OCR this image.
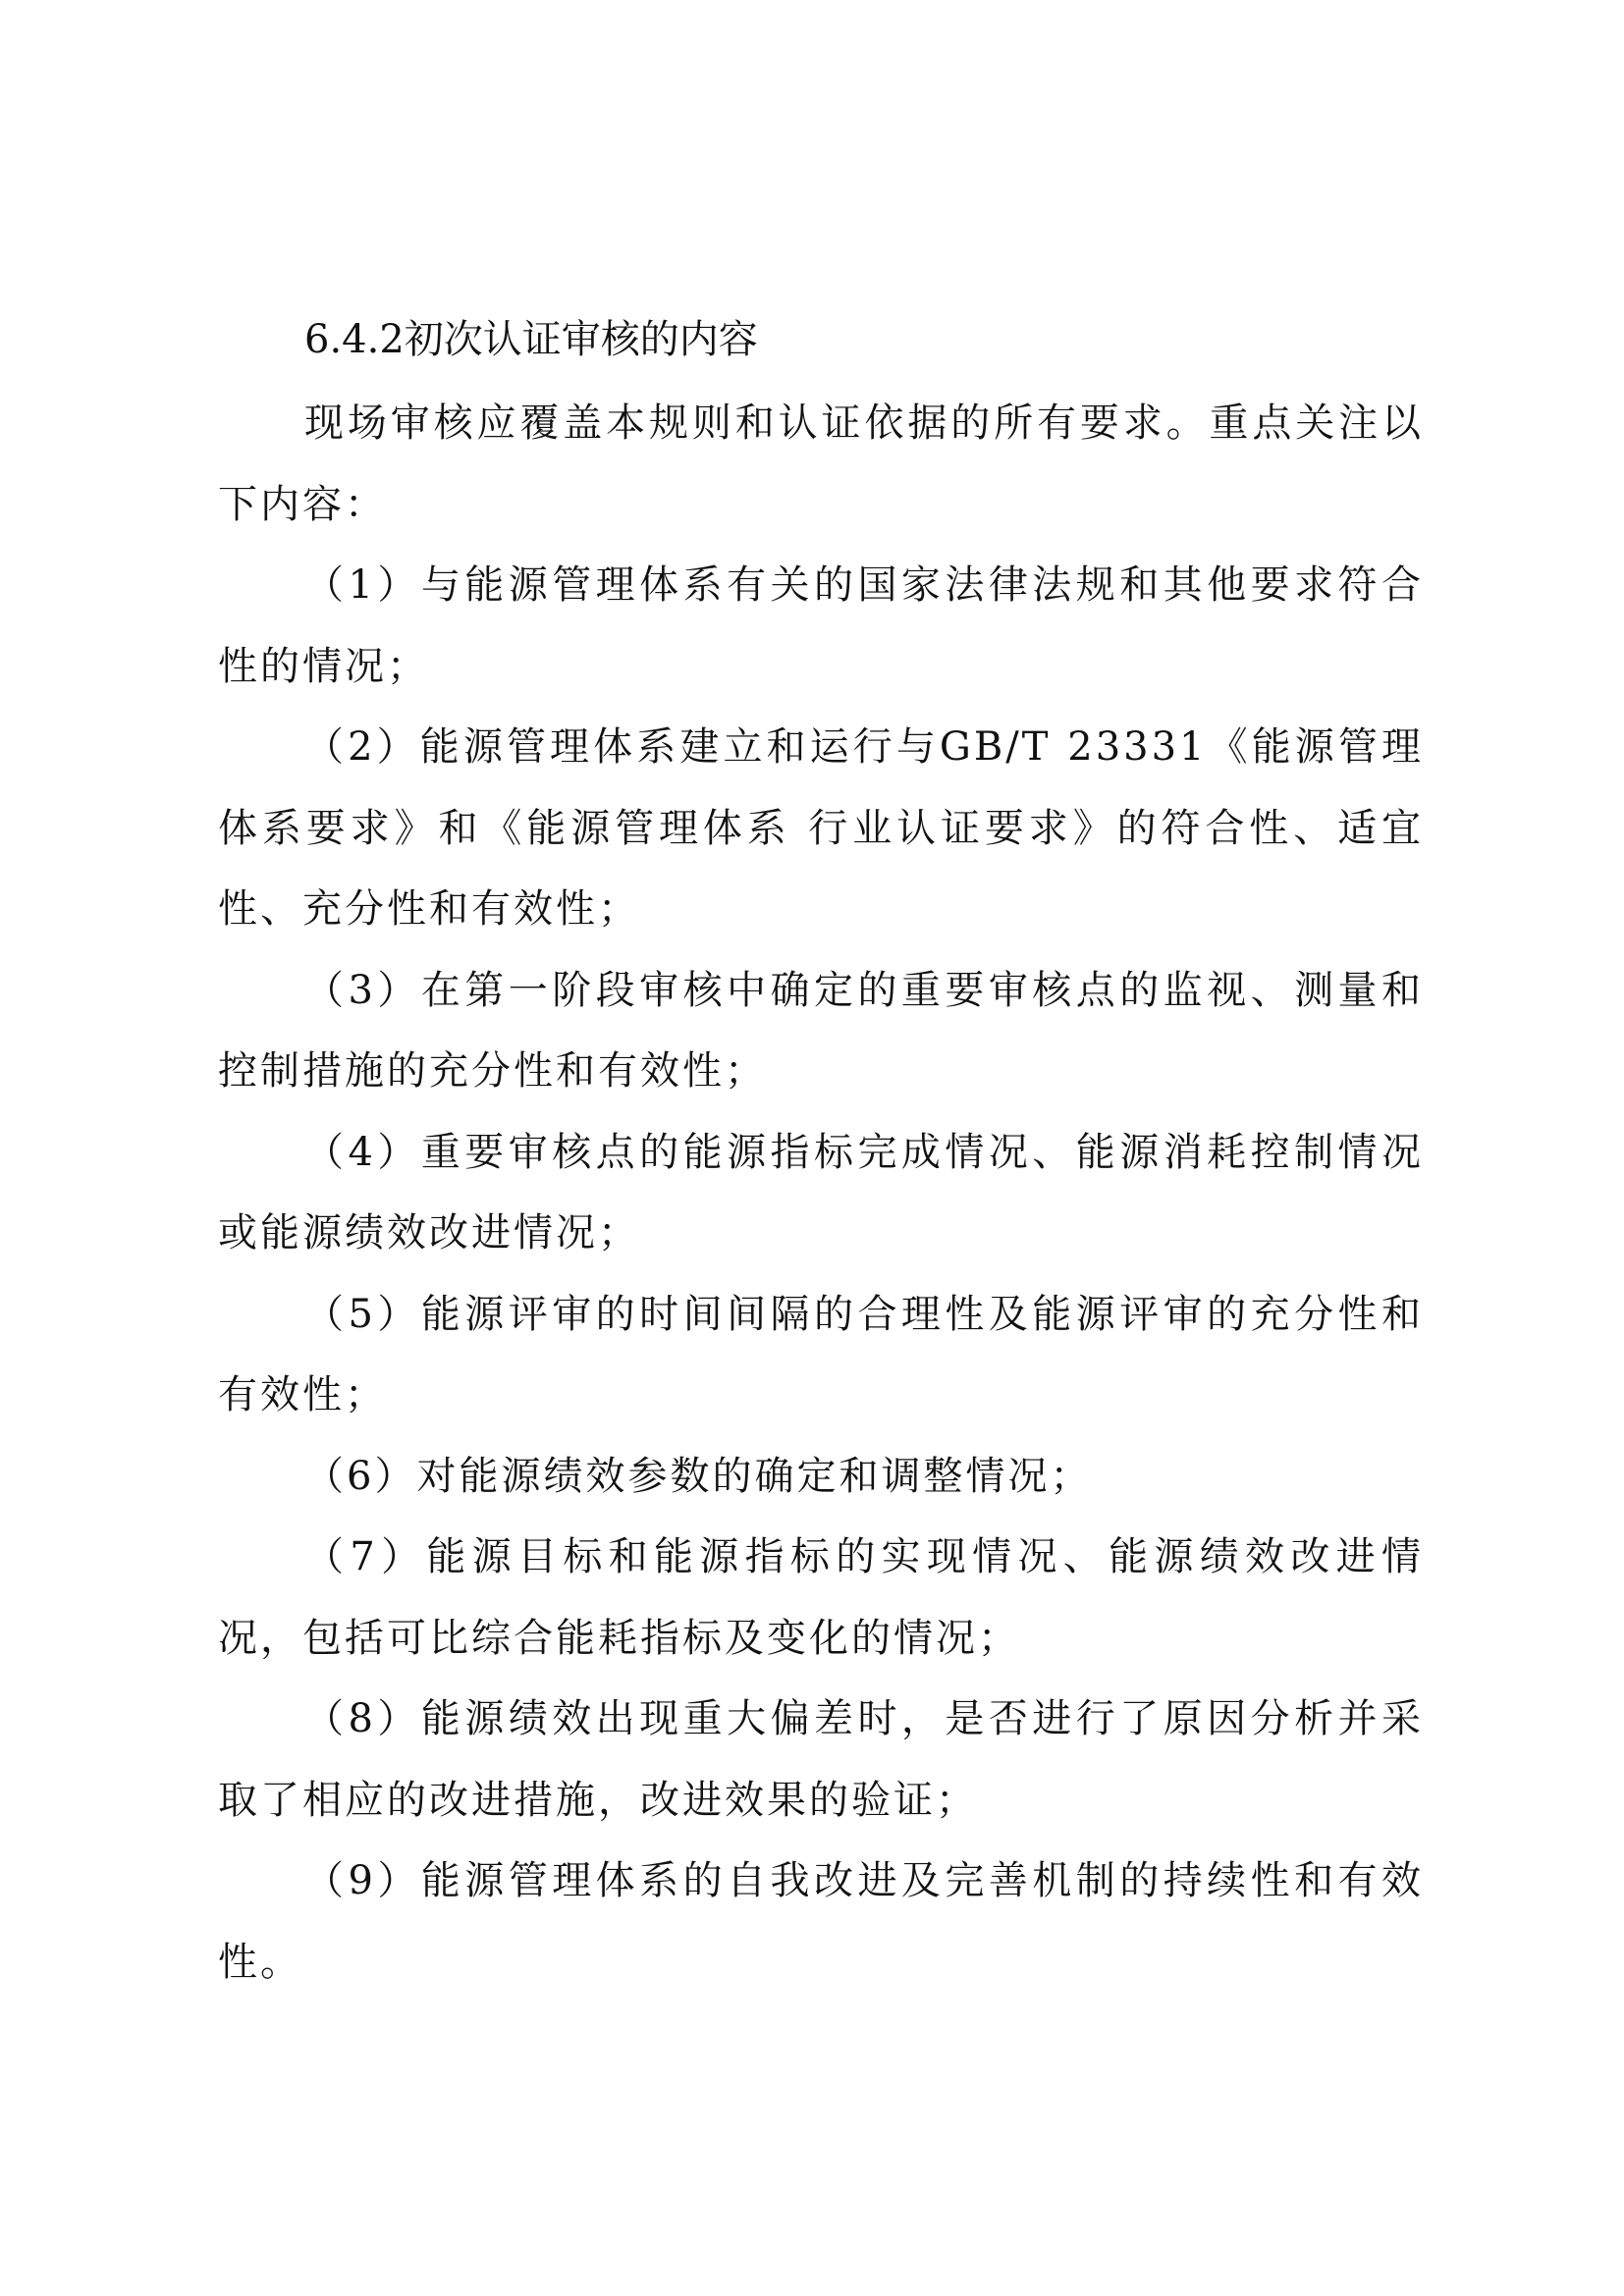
6.4.2初次认证审核的内容

现场审核应覆盖本规则和认证依据的所有要求。重点关注以下内容：

（1）与能源管理体系有关的国家法律法规和其他要求符合性的情况；

（2）能源管理体系建立和运行与GB/T 23331《能源管理体系要求》和《能源管理体系 行业认证要求》的符合性、适宜性、充分性和有效性；

（3）在第一阶段审核中确定的重要审核点的监视、测量和控制措施的充分性和有效性；

（4）重要审核点的能源指标完成情况、能源消耗控制情况或能源绩效改进情况；

（5）能源评审的时间间隔的合理性及能源评审的充分性和有效性；

（6）对能源绩效参数的确定和调整情况；

（7）能源目标和能源指标的实现情况、能源绩效改进情况，包括可比综合能耗指标及变化的情况；

（8）能源绩效出现重大偏差时，是否进行了原因分析并采取了相应的改进措施，改进效果的验证；

（9）能源管理体系的自我改进及完善机制的持续性和有效性。
